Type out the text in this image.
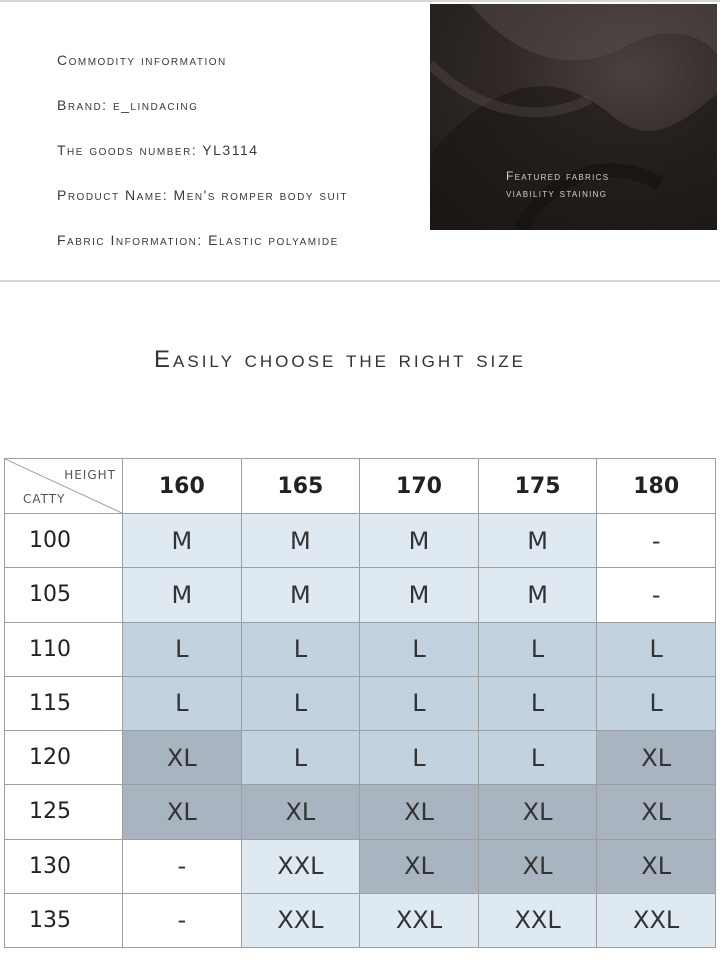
Commodity information
Brand: e_lindacing
The goods number: YL3114
Product Name: Men's romper body suit
Fabric Information: Elastic polyamide
Featured fabrics
viability staining
Easily choose the right size
HEIGHT
CATTY	160	165	170	175	180
100	M	M	M	M	-
105	M	M	M	M	-
110	L	L	L	L	L
115	L	L	L	L	L
120	XL	L	L	L	XL
125	XL	XL	XL	XL	XL
130	-	XXL	XL	XL	XL
135	-	XXL	XXL	XXL	XXL
